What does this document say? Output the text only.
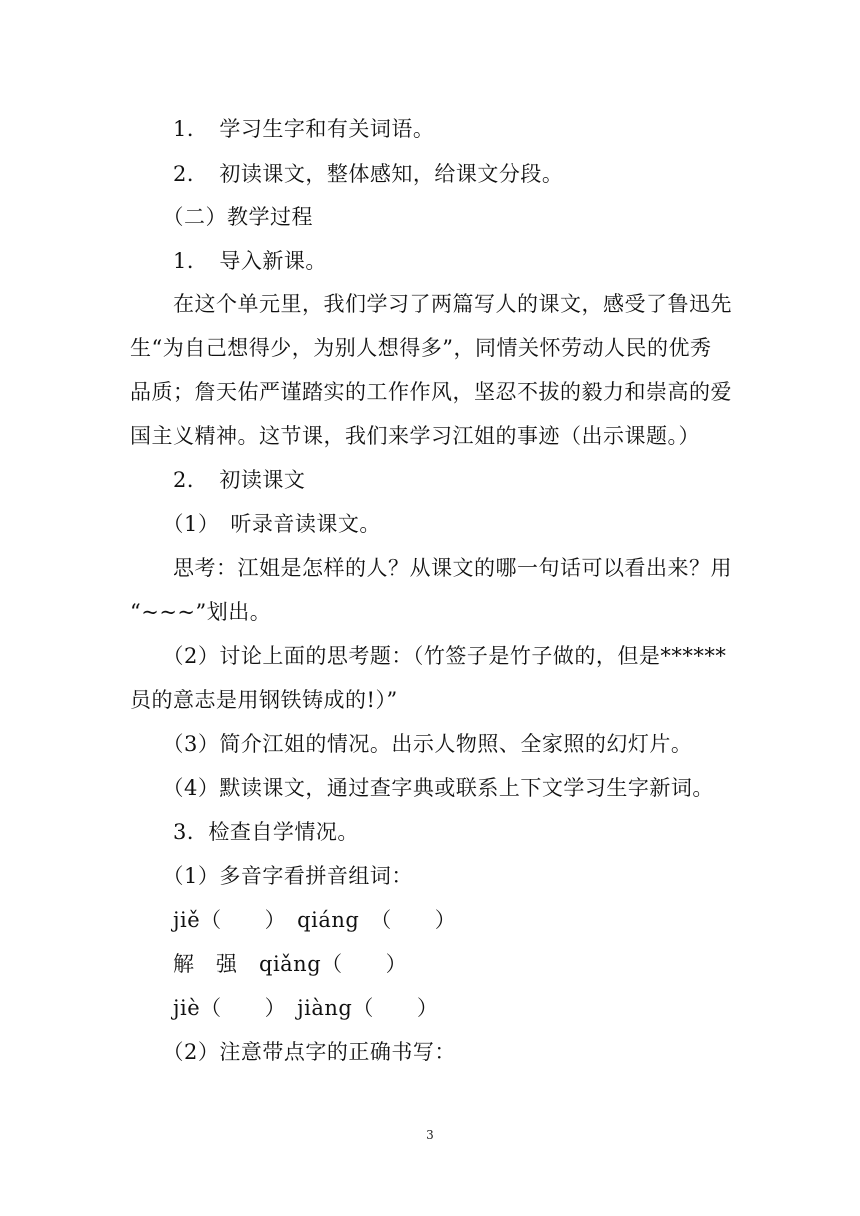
　　1．　学习生字和有关词语。
　　2．　初读课文，整体感知，给课文分段。
　　（二）教学过程
　　1．　导入新课。
　　在这个单元里，我们学习了两篇写人的课文，感受了鲁迅先
生“为自己想得少，为别人想得多”，同情关怀劳动人民的优秀
品质；詹天佑严谨踏实的工作作风，坚忍不拔的毅力和崇高的爱
国主义精神。这节课，我们来学习江姐的事迹（出示课题。）
　　2．　初读课文
　　（1）　听录音读课文。
　　思考：江姐是怎样的人？从课文的哪一句话可以看出来？用
“~~~”划出。
　　（2）讨论上面的思考题：（竹签子是竹子做的，但是******
员的意志是用钢铁铸成的!）”
　　（3）简介江姐的情况。出示人物照、全家照的幻灯片。
　　（4）默读课文，通过查字典或联系上下文学习生字新词。
　　3．检查自学情况。
　　（1）多音字看拼音组词：
　　jiě（　　）　qiáng　（　　）
　　解　强　qiǎng（　　）
　　jiè（　　）　jiàng（　　）
　　（2）注意带点字的正确书写：
3
